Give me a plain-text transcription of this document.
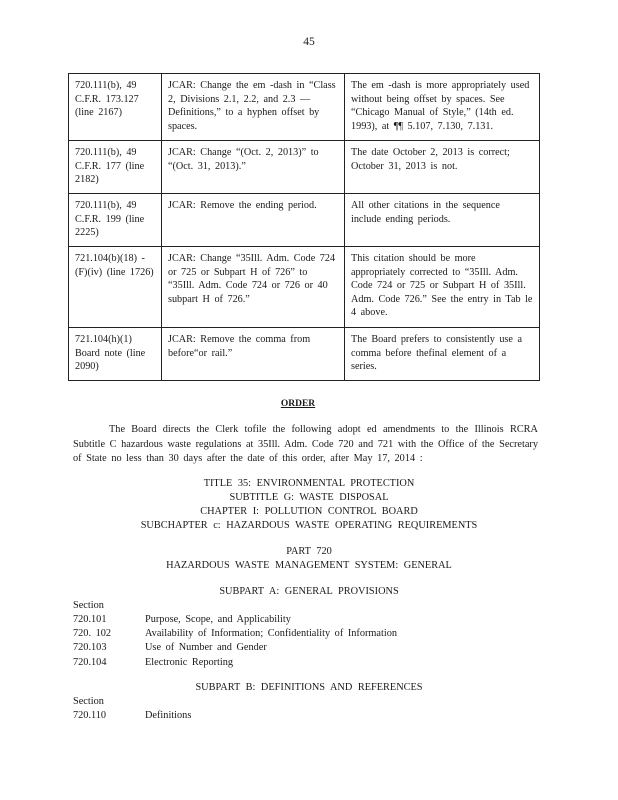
45
720.111(b), 49 C.F.R. 173.127 (line 2167)	JCAR: Change the em -dash in “Class 2, Divisions 2.1, 2.2, and 2.3 — Definitions,” to a hyphen offset by spaces.	The em -dash is more appropriately used without being offset by spaces. See “Chicago Manual of Style,” (14th ed. 1993), at ¶¶ 5.107, 7.130, 7.131.
720.111(b), 49 C.F.R. 177 (line 2182)	JCAR: Change “(Oct. 2, 2013)” to “(Oct. 31, 2013).”	The date October 2, 2013 is correct; October 31, 2013 is not.
720.111(b), 49 C.F.R. 199 (line 2225)	JCAR: Remove the ending period.	All other citations in the sequence include ending periods.
721.104(b)(18) -(F)(iv) (line 1726)	JCAR: Change “35Ill. Adm. Code 724 or 725 or Subpart H of 726” to “35Ill. Adm. Code 724 or 726 or 40 subpart H of 726.”	This citation should be more appropriately corrected to “35Ill. Adm. Code 724 or 725 or Subpart H of 35Ill. Adm. Code 726.” See the entry in Tab le 4 above.
721.104(h)(1) Board note (line 2090)	JCAR: Remove the comma from before“or rail.”	The Board prefers to consistently use a comma before thefinal element of a series.
ORDER
The Board directs the Clerk tofile the following adopt ed amendments to the Illinois RCRA Subtitle C hazardous waste regulations at 35Ill. Adm. Code 720 and 721 with the Office of the Secretary of State no less than 30 days after the date of this order, after May 17, 2014 :
TITLE 35: ENVIRONMENTAL PROTECTION
SUBTITLE G: WASTE DISPOSAL
CHAPTER I: POLLUTION CONTROL BOARD
SUBCHAPTER c: HAZARDOUS WASTE OPERATING REQUIREMENTS
PART 720
HAZARDOUS WASTE MANAGEMENT SYSTEM: GENERAL
SUBPART A: GENERAL PROVISIONS
Section
720.101	Purpose, Scope, and Applicability
720. 102	Availability of Information; Confidentiality of Information
720.103	Use of Number and Gender
720.104	Electronic Reporting
SUBPART B: DEFINITIONS AND REFERENCES
Section
720.110	Definitions
